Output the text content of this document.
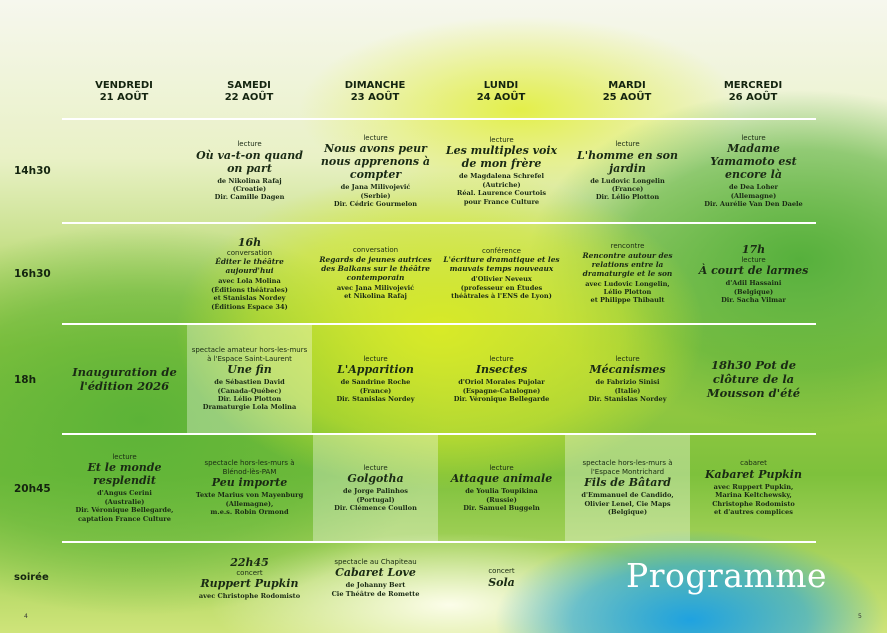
VENDREDI
21 AOÛT
SAMEDI
22 AOÛT
DIMANCHE
23 AOÛT
LUNDI
24 AOÛT
MARDI
25 AOÛT
MERCREDI
26 AOÛT
14h30
16h30
18h
20h45
soirée
lecture
Où va-t-on quand on part
de Nikolina Rafaj
(Croatie)
Dir. Camille Dagen
lecture
Nous avons peur nous apprenons à compter
de Jana Milivojević
(Serbie)
Dir. Cédric Gourmelon
lecture
Les multiples voix de mon frère
de Magdalena Schrefel
(Autriche)
Réal. Laurence Courtois
pour France Culture
lecture
L'homme en son jardin
de Ludovic Longelin
(France)
Dir. Lélio Plotton
lecture
Madame Yamamoto est encore là
de Dea Loher
(Allemagne)
Dir. Aurélie Van Den Daele
16h
conversation
Éditer le théâtre aujourd'hui
avec Lola Molina
(Éditions théâtrales)
et Stanislas Nordey
(Éditions Espace 34)
conversation
Regards de jeunes autrices des Balkans sur le théâtre contemporain
avec Jana Milivojević
et Nikolina Rafaj
conférence
L'écriture dramatique et les mauvais temps nouveaux
d'Olivier Neveux
(professeur en Études
théâtrales à l'ENS de Lyon)
rencontre
Rencontre autour des relations entre la dramaturgie et le son
avec Ludovic Longelin,
Lélio Plotton
et Philippe Thibault
17h
lecture
À court de larmes
d'Adil Hassaini
(Belgique)
Dir. Sacha Vilmar
Inauguration de l'édition 2026
spectacle amateur hors-les-murs à l'Espace Saint-Laurent
Une fin
de Sébastien David
(Canada-Québec)
Dir. Lélio Plotton
Dramaturgie Lola Molina
lecture
L'Apparition
de Sandrine Roche
(France)
Dir. Stanislas Nordey
lecture
Insectes
d'Oriol Morales Pujolar
(Espagne-Catalogne)
Dir. Véronique Bellegarde
lecture
Mécanismes
de Fabrizio Sinisi
(Italie)
Dir. Stanislas Nordey
18h30 Pot de clôture de la Mousson d'été
lecture
Et le monde resplendit
d'Angus Cerini
(Australie)
Dir. Véronique Bellegarde,
captation France Culture
spectacle hors-les-murs à Blénod-lès-PAM
Peu importe
Texte Marius von Mayenburg
(Allemagne),
m.e.s. Robin Ormond
lecture
Golgotha
de Jorge Palinhos
(Portugal)
Dir. Clémence Coullon
lecture
Attaque animale
de Youlia Toupikina
(Russie)
Dir. Samuel Buggeln
spectacle hors-les-murs à l'Espace Montrichard
Fils de Bâtard
d'Emmanuel de Candido,
Olivier Lenel, Cie Maps
(Belgique)
cabaret
Kabaret Pupkin
avec Ruppert Pupkin,
Marina Keltchewsky,
Christophe Rodomisto
et d'autres complices
22h45
concert
Ruppert Pupkin
avec Christophe Rodomisto
spectacle au Chapiteau
Cabaret Love
de Johanny Bert
Cie Théâtre de Romette
concert
Sola	Programme
4	5
